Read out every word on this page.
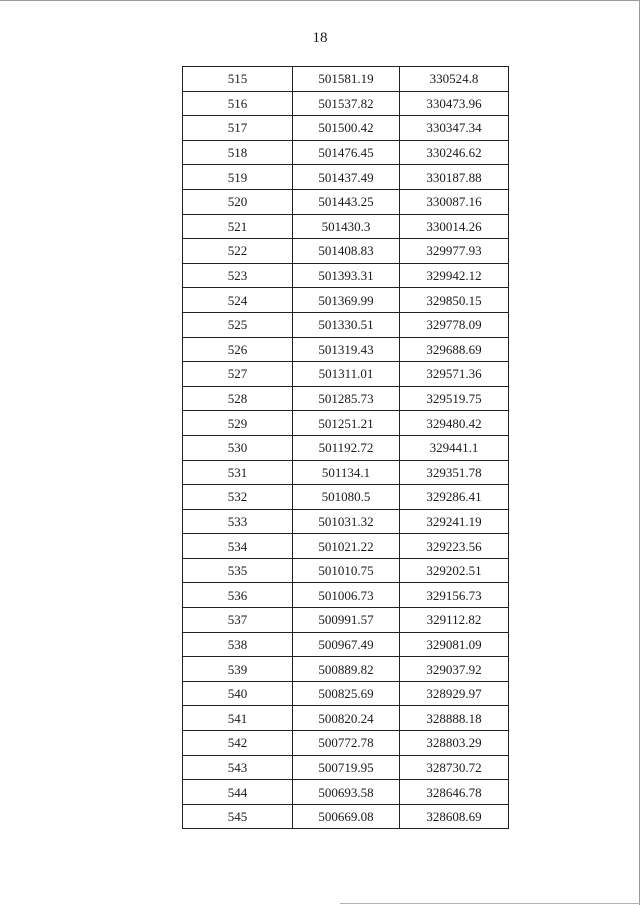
18
515	501581.19	330524.8
516	501537.82	330473.96
517	501500.42	330347.34
518	501476.45	330246.62
519	501437.49	330187.88
520	501443.25	330087.16
521	501430.3	330014.26
522	501408.83	329977.93
523	501393.31	329942.12
524	501369.99	329850.15
525	501330.51	329778.09
526	501319.43	329688.69
527	501311.01	329571.36
528	501285.73	329519.75
529	501251.21	329480.42
530	501192.72	329441.1
531	501134.1	329351.78
532	501080.5	329286.41
533	501031.32	329241.19
534	501021.22	329223.56
535	501010.75	329202.51
536	501006.73	329156.73
537	500991.57	329112.82
538	500967.49	329081.09
539	500889.82	329037.92
540	500825.69	328929.97
541	500820.24	328888.18
542	500772.78	328803.29
543	500719.95	328730.72
544	500693.58	328646.78
545	500669.08	328608.69
